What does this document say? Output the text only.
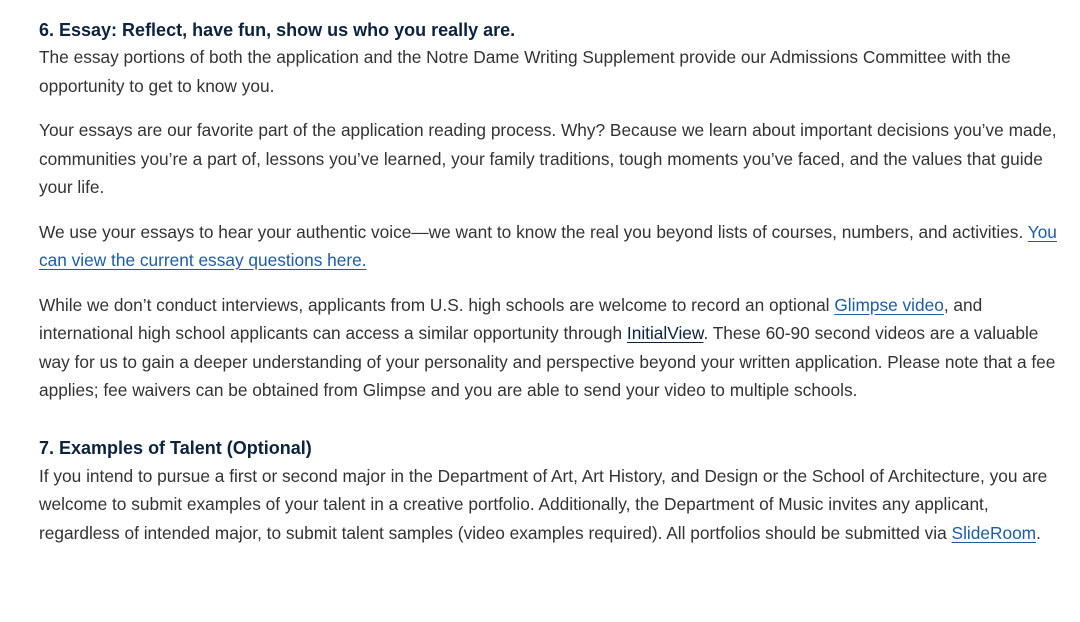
6. Essay: Reflect, have fun, show us who you really are.

The essay portions of both the application and the Notre Dame Writing Supplement provide our Admissions Committee with the opportunity to get to know you.

Your essays are our favorite part of the application reading process. Why? Because we learn about important decisions you’ve made, communities you’re a part of, lessons you’ve learned, your family traditions, tough moments you’ve faced, and the values that guide your life.

We use your essays to hear your authentic voice—we want to know the real you beyond lists of courses, numbers, and activities. You can view the current essay questions here.

While we don’t conduct interviews, applicants from U.S. high schools are welcome to record an optional Glimpse video, and international high school applicants can access a similar opportunity through InitialView. These 60-90 second videos are a valuable way for us to gain a deeper understanding of your personality and perspective beyond your written application. Please note that a fee applies; fee waivers can be obtained from Glimpse and you are able to send your video to multiple schools.

7. Examples of Talent (Optional)

If you intend to pursue a first or second major in the Department of Art, Art History, and Design or the School of Architecture, you are welcome to submit examples of your talent in a creative portfolio. Additionally, the Department of Music invites any applicant, regardless of intended major, to submit talent samples (video examples required). All portfolios should be submitted via SlideRoom.
